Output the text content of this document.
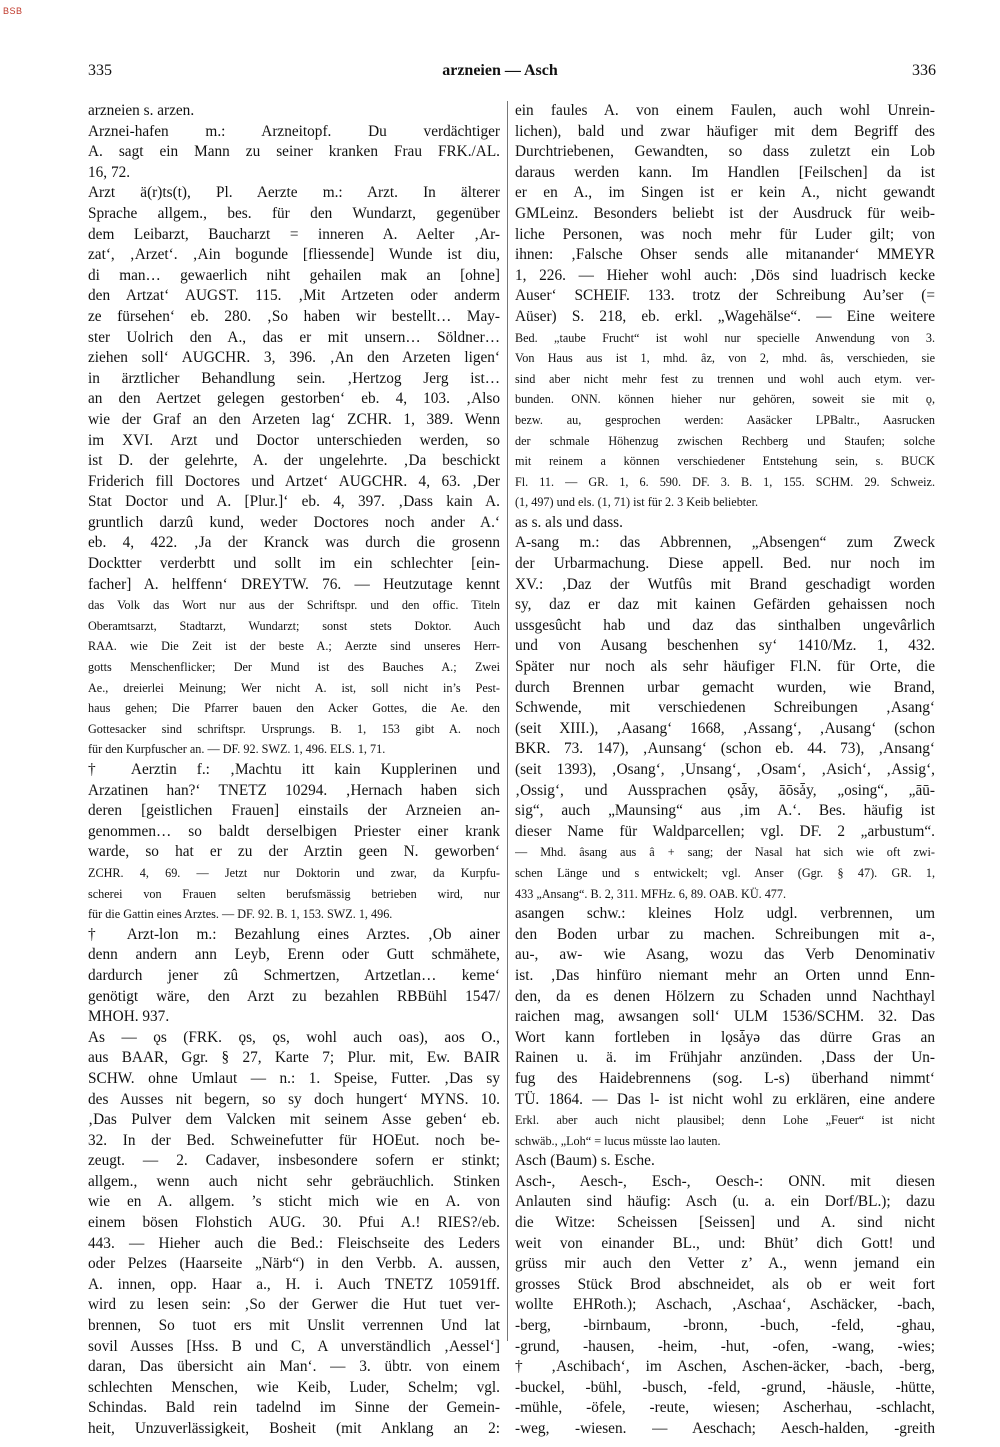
BSB
335	arzneien — Asch	336
arzneien s. arzen.
Arznei-hafen m.: Arzneitopf. Du verdächtiger
A. sagt ein Mann zu seiner kranken Frau FRK./AL.
16, 72.
Arzt ä(r)ts(t), Pl. Aerzte m.: Arzt. In älterer
Sprache allgem., bes. für den Wundarzt, gegenüber
dem Leibarzt, Baucharzt = inneren A. Aelter ‚Ar-
zat‘, ‚Arzet‘. ‚Ain bogunde [fliessende] Wunde ist diu,
di man… gewaerlich niht gehailen mak an [ohne]
den Artzat‘ AUGST. 115. ‚Mit Artzeten oder anderm
ze fürsehen‘ eb. 280. ‚So haben wir bestellt… May-
ster Uolrich den A., das er mit unsern… Söldner…
ziehen soll‘ AUGCHR. 3, 396. ‚An den Arzeten ligen‘
in ärztlicher Behandlung sein. ‚Hertzog Jerg ist…
an den Aertzet gelegen gestorben‘ eb. 4, 103. ‚Also
wie der Graf an den Arzeten lag‘ ZCHR. 1, 389. Wenn
im XVI. Arzt und Doctor unterschieden werden, so
ist D. der gelehrte, A. der ungelehrte. ‚Da beschickt
Friderich fill Doctores und Artzet‘ AUGCHR. 4, 63. ‚Der
Stat Doctor und A. [Plur.]‘ eb. 4, 397. ‚Dass kain A.
gruntlich darzû kund, weder Doctores noch ander A.‘
eb. 4, 422. ‚Ja der Kranck was durch die grosenn
Docktter verderbtt und sollt im ein schlechter [ein-
facher] A. helffenn‘ DREYTW. 76. — Heutzutage kennt
das Volk das Wort nur aus der Schriftspr. und den offic. Titeln
Oberamtsarzt, Stadtarzt, Wundarzt; sonst stets Doktor. Auch
RAA. wie Die Zeit ist der beste A.; Aerzte sind unseres Herr-
gotts Menschenflicker; Der Mund ist des Bauches A.; Zwei
Ae., dreierlei Meinung; Wer nicht A. ist, soll nicht in’s Pest-
haus gehen; Die Pfarrer bauen den Acker Gottes, die Ae. den
Gottesacker sind schriftspr. Ursprungs. B. 1, 153 gibt A. noch
für den Kurpfuscher an. — DF. 92. SWZ. 1, 496. ELS. 1, 71.
† Aerztin f.: ‚Machtu itt kain Kupplerinen und
Arzatinen han?‘ TNETZ 10294. ‚Hernach haben sich
deren [geistlichen Frauen] einstails der Arzneien an-
genommen… so baldt derselbigen Priester einer krank
warde, so hat er zu der Arztin geen N. geworben‘
ZCHR. 4, 69. — Jetzt nur Doktorin und zwar, da Kurpfu-
scherei von Frauen selten berufsmässig betrieben wird, nur
für die Gattin eines Arztes. — DF. 92. B. 1, 153. SWZ. 1, 496.
† Arzt-lon m.: Bezahlung eines Arztes. ‚Ob ainer
denn andern ann Leyb, Erenn oder Gutt schmähete,
dardurch jener zû Schmertzen, Artzetlan… keme‘
genötigt wäre, den Arzt zu bezahlen RBBühl 1547/
MHOH. 937.
As — ǫs (FRK. ǫs, ǫs, wohl auch oas), aos O.,
aus BAAR, Ggr. § 27, Karte 7; Plur. mit, Ew. BAIR
SCHW. ohne Umlaut — n.: 1. Speise, Futter. ‚Das sy
des Ausses nit begern, so sy doch hungert‘ MYNS. 10.
‚Das Pulver dem Valcken mit seinem Asse geben‘ eb.
32. In der Bed. Schweinefutter für HOEut. noch be-
zeugt. — 2. Cadaver, insbesondere sofern er stinkt;
allgem., wenn auch nicht sehr gebräuchlich. Stinken
wie en A. allgem. ’s sticht mich wie en A. von
einem bösen Flohstich AUG. 30. Pfui A.! RIES?/eb.
443. — Hieher auch die Bed.: Fleischseite des Leders
oder Pelzes (Haarseite „Närb“) in den Verbb. A. aussen,
A. innen, opp. Haar a., H. i. Auch TNETZ 10591ff.
wird zu lesen sein: ‚So der Gerwer die Hut tuet ver-
brennen, So tuot ers mit Unslit verrennen Und lat
sovil Ausses [Hss. B und C, A unverständlich ‚Aessel‘]
daran, Das übersicht ain Man‘. — 3. übtr. von einem
schlechten Menschen, wie Keib, Luder, Schelm; vgl.
Schindas. Bald rein tadelnd im Sinne der Gemein-
heit, Unzuverlässigkeit, Bosheit (mit Anklang an 2:
ein faules A. von einem Faulen, auch wohl Unrein-
lichen), bald und zwar häufiger mit dem Begriff des
Durchtriebenen, Gewandten, so dass zuletzt ein Lob
daraus werden kann. Im Handlen [Feilschen] da ist
er en A., im Singen ist er kein A., nicht gewandt
GMLeinz. Besonders beliebt ist der Ausdruck für weib-
liche Personen, was noch mehr für Luder gilt; von
ihnen: ‚Falsche Ohser sends alle mitanander‘ MMEYR
1, 226. — Hieher wohl auch: ‚Dös sind luadrisch kecke
Auser‘ SCHEIF. 133. trotz der Schreibung Au’ser (=
Aüser) S. 218, eb. erkl. „Wagehälse“. — Eine weitere
Bed. „taube Frucht“ ist wohl nur specielle Anwendung von 3.
Von Haus aus ist 1, mhd. âz, von 2, mhd. âs, verschieden, sie
sind aber nicht mehr fest zu trennen und wohl auch etym. ver-
bunden. ONN. können hieher nur gehören, soweit sie mit ǫ,
bezw. au, gesprochen werden: Aasäcker LPBaltr., Aasrucken
der schmale Höhenzug zwischen Rechberg und Staufen; solche
mit reinem a können verschiedener Entstehung sein, s. BUCK
Fl. 11. — GR. 1, 6. 590. DF. 3. B. 1, 155. SCHM. 29. Schweiz.
(1, 497) und els. (1, 71) ist für 2. 3 Keib beliebter.
as s. als und dass.
A-sang m.: das Abbrennen, „Absengen“ zum Zweck
der Urbarmachung. Diese appell. Bed. nur noch im
XV.: ‚Daz der Wutfûs mit Brand geschadigt worden
sy, daz er daz mit kainen Gefärden gehaissen noch
ussgesûcht hab und daz das sinthalben ungevârlich
und von Ausang beschenhen sy‘ 1410/Mz. 1, 432.
Später nur noch als sehr häufiger Fl.N. für Orte, die
durch Brennen urbar gemacht wurden, wie Brand,
Schwende, mit verschiedenen Schreibungen ‚Asang‘
(seit XIII.), ‚Aasang‘ 1668, ‚Assang‘, ‚Ausang‘ (schon
BKR. 73. 147), ‚Aunsang‘ (schon eb. 44. 73), ‚Ansang‘
(seit 1393), ‚Osang‘, ‚Unsang‘, ‚Osam‘, ‚Asich‘, ‚Assig‘,
‚Ossig‘, und Aussprachen ǫsǡy, āōsǡy, „osing“, „āū-
sig“, auch „Maunsing“ aus ‚im A.‘. Bes. häufig ist
dieser Name für Waldparcellen; vgl. DF. 2 „arbustum“.
— Mhd. âsang aus â + sang; der Nasal hat sich wie oft zwi-
schen Länge und s entwickelt; vgl. Anser (Ggr. § 47). GR. 1,
433 „Ansang“. B. 2, 311. MFHz. 6, 89. OAB. KÜ. 477.
asangen schw.: kleines Holz udgl. verbrennen, um
den Boden urbar zu machen. Schreibungen mit a-,
au-, aw- wie Asang, wozu das Verb Denominativ
ist. ‚Das hinfüro niemant mehr an Orten unnd Enn-
den, da es denen Hölzern zu Schaden unnd Nachthayl
raichen mag, awsangen soll‘ ULM 1536/SCHM. 32. Das
Wort kann fortleben in lǫsǡyǝ das dürre Gras an
Rainen u. ä. im Frühjahr anzünden. ‚Dass der Un-
fug des Haidebrennens (sog. L-s) überhand nimmt‘
TÜ. 1864. — Das l- ist nicht wohl zu erklären, eine andere
Erkl. aber auch nicht plausibel; denn Lohe „Feuer“ ist nicht
schwäb., „Loh“ = lucus müsste lao lauten.
Asch (Baum) s. Esche.
Asch-, Aesch-, Esch-, Oesch-: ONN. mit diesen
Anlauten sind häufig: Asch (u. a. ein Dorf/BL.); dazu
die Witze: Scheissen [Seissen] und A. sind nicht
weit von einander BL., und: Bhüt’ dich Gott! und
grüss mir auch den Vetter z’ A., wenn jemand ein
grosses Stück Brod abschneidet, als ob er weit fort
wollte EHRoth.); Aschach, ‚Aschaa‘, Aschäcker, -bach,
-berg, -birnbaum, -bronn, -buch, -feld, -ghau,
-grund, -hausen, -heim, -hut, -ofen, -wang, -wies;
† ‚Aschibach‘, im Aschen, Aschen-äcker, -bach, -berg,
-buckel, -bühl, -busch, -feld, -grund, -häusle, -hütte,
-mühle, -öfele, -reute, wiesen; Ascherhau, -schlacht,
-weg, -wiesen. — Aeschach; Aesch-halden, -greith
